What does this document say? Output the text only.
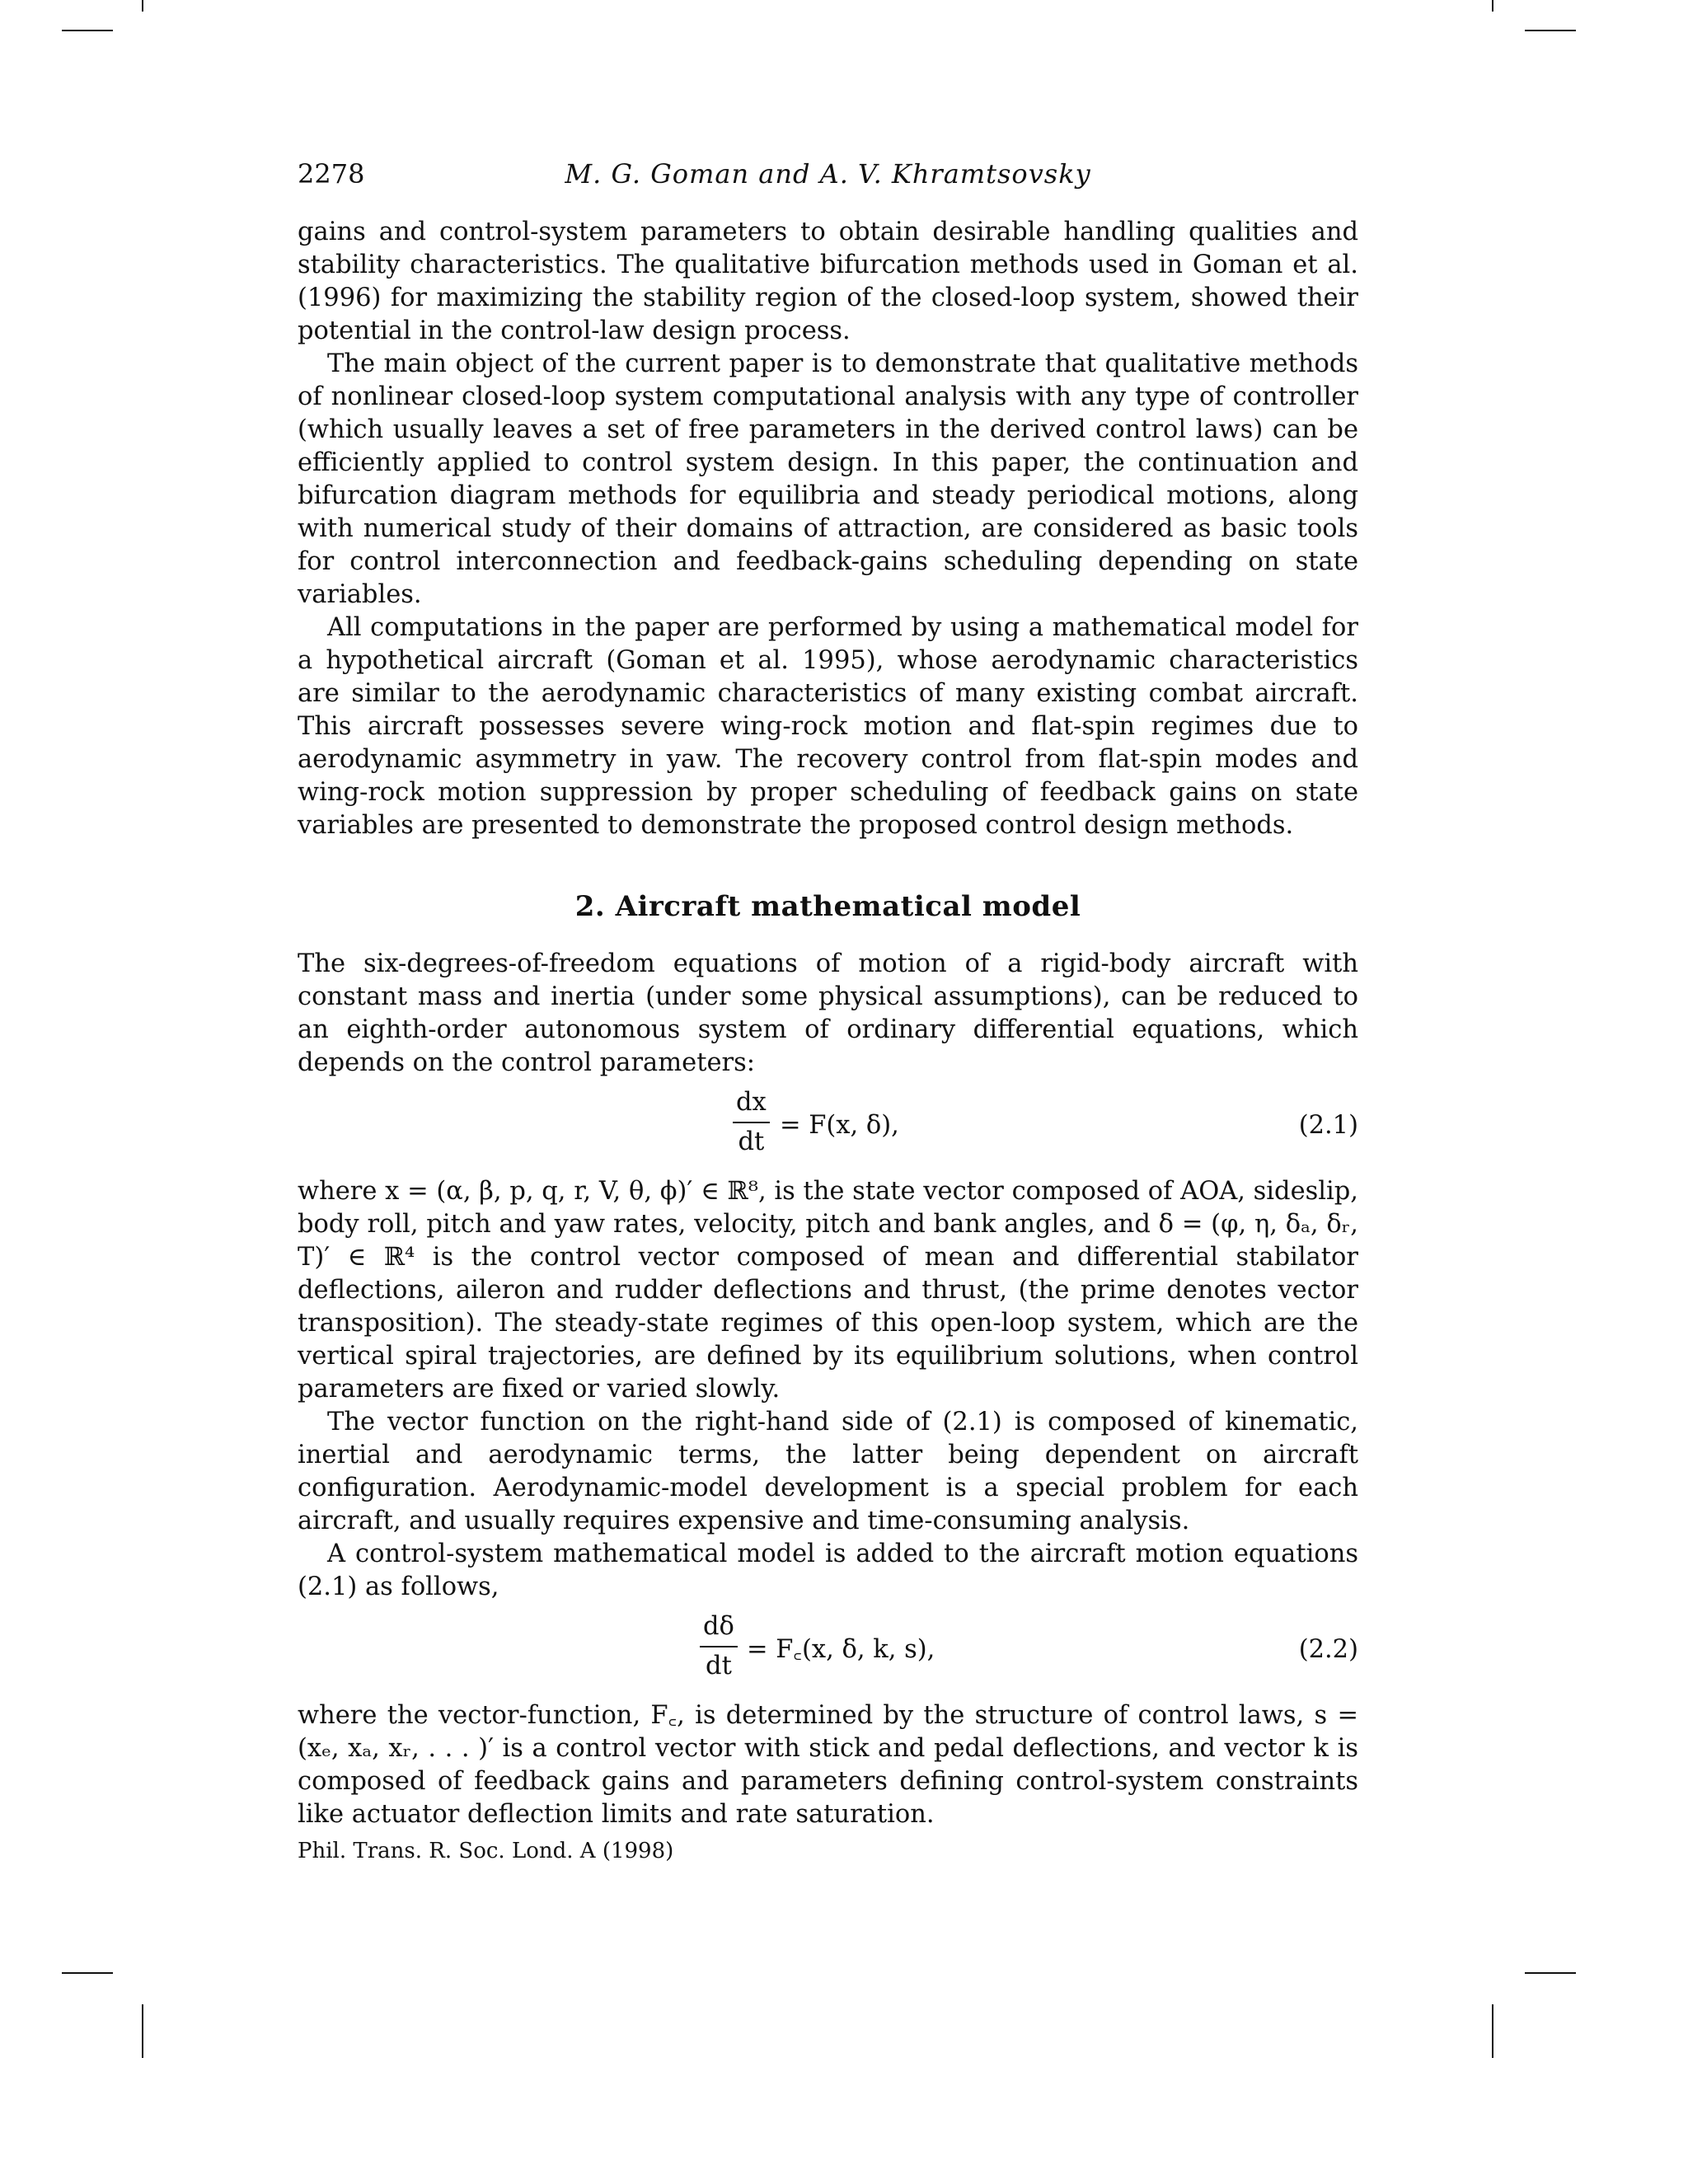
2278	M. G. Goman and A. V. Khramtsovsky

gains and control-system parameters to obtain desirable handling qualities and stability characteristics. The qualitative bifurcation methods used in Goman et al. (1996) for maximizing the stability region of the closed-loop system, showed their potential in the control-law design process.

The main object of the current paper is to demonstrate that qualitative methods of nonlinear closed-loop system computational analysis with any type of controller (which usually leaves a set of free parameters in the derived control laws) can be efficiently applied to control system design. In this paper, the continuation and bifurcation diagram methods for equilibria and steady periodical motions, along with numerical study of their domains of attraction, are considered as basic tools for control interconnection and feedback-gains scheduling depending on state variables.

All computations in the paper are performed by using a mathematical model for a hypothetical aircraft (Goman et al. 1995), whose aerodynamic characteristics are similar to the aerodynamic characteristics of many existing combat aircraft. This aircraft possesses severe wing-rock motion and flat-spin regimes due to aerodynamic asymmetry in yaw. The recovery control from flat-spin modes and wing-rock motion suppression by proper scheduling of feedback gains on state variables are presented to demonstrate the proposed control design methods.

2. Aircraft mathematical model

The six-degrees-of-freedom equations of motion of a rigid-body aircraft with constant mass and inertia (under some physical assumptions), can be reduced to an eighth-order autonomous system of ordinary differential equations, which depends on the control parameters:

dx
dt
= F(x, δ),	(2.1)

where x = (α, β, p, q, r, V, θ, ϕ)′ ∈ ℝ⁸, is the state vector composed of AOA, sideslip, body roll, pitch and yaw rates, velocity, pitch and bank angles, and δ = (φ, η, δₐ, δᵣ, T)′ ∈ ℝ⁴ is the control vector composed of mean and differential stabilator deflections, aileron and rudder deflections and thrust, (the prime denotes vector transposition). The steady-state regimes of this open-loop system, which are the vertical spiral trajectories, are defined by its equilibrium solutions, when control parameters are fixed or varied slowly.

The vector function on the right-hand side of (2.1) is composed of kinematic, inertial and aerodynamic terms, the latter being dependent on aircraft configuration. Aerodynamic-model development is a special problem for each aircraft, and usually requires expensive and time-consuming analysis.

A control-system mathematical model is added to the aircraft motion equations (2.1) as follows,

dδ
dt
= F꜀(x, δ, k, s),	(2.2)

where the vector-function, F꜀, is determined by the structure of control laws, s = (xₑ, xₐ, xᵣ, . . . )′ is a control vector with stick and pedal deflections, and vector k is composed of feedback gains and parameters defining control-system constraints like actuator deflection limits and rate saturation.

Phil. Trans. R. Soc. Lond. A (1998)
